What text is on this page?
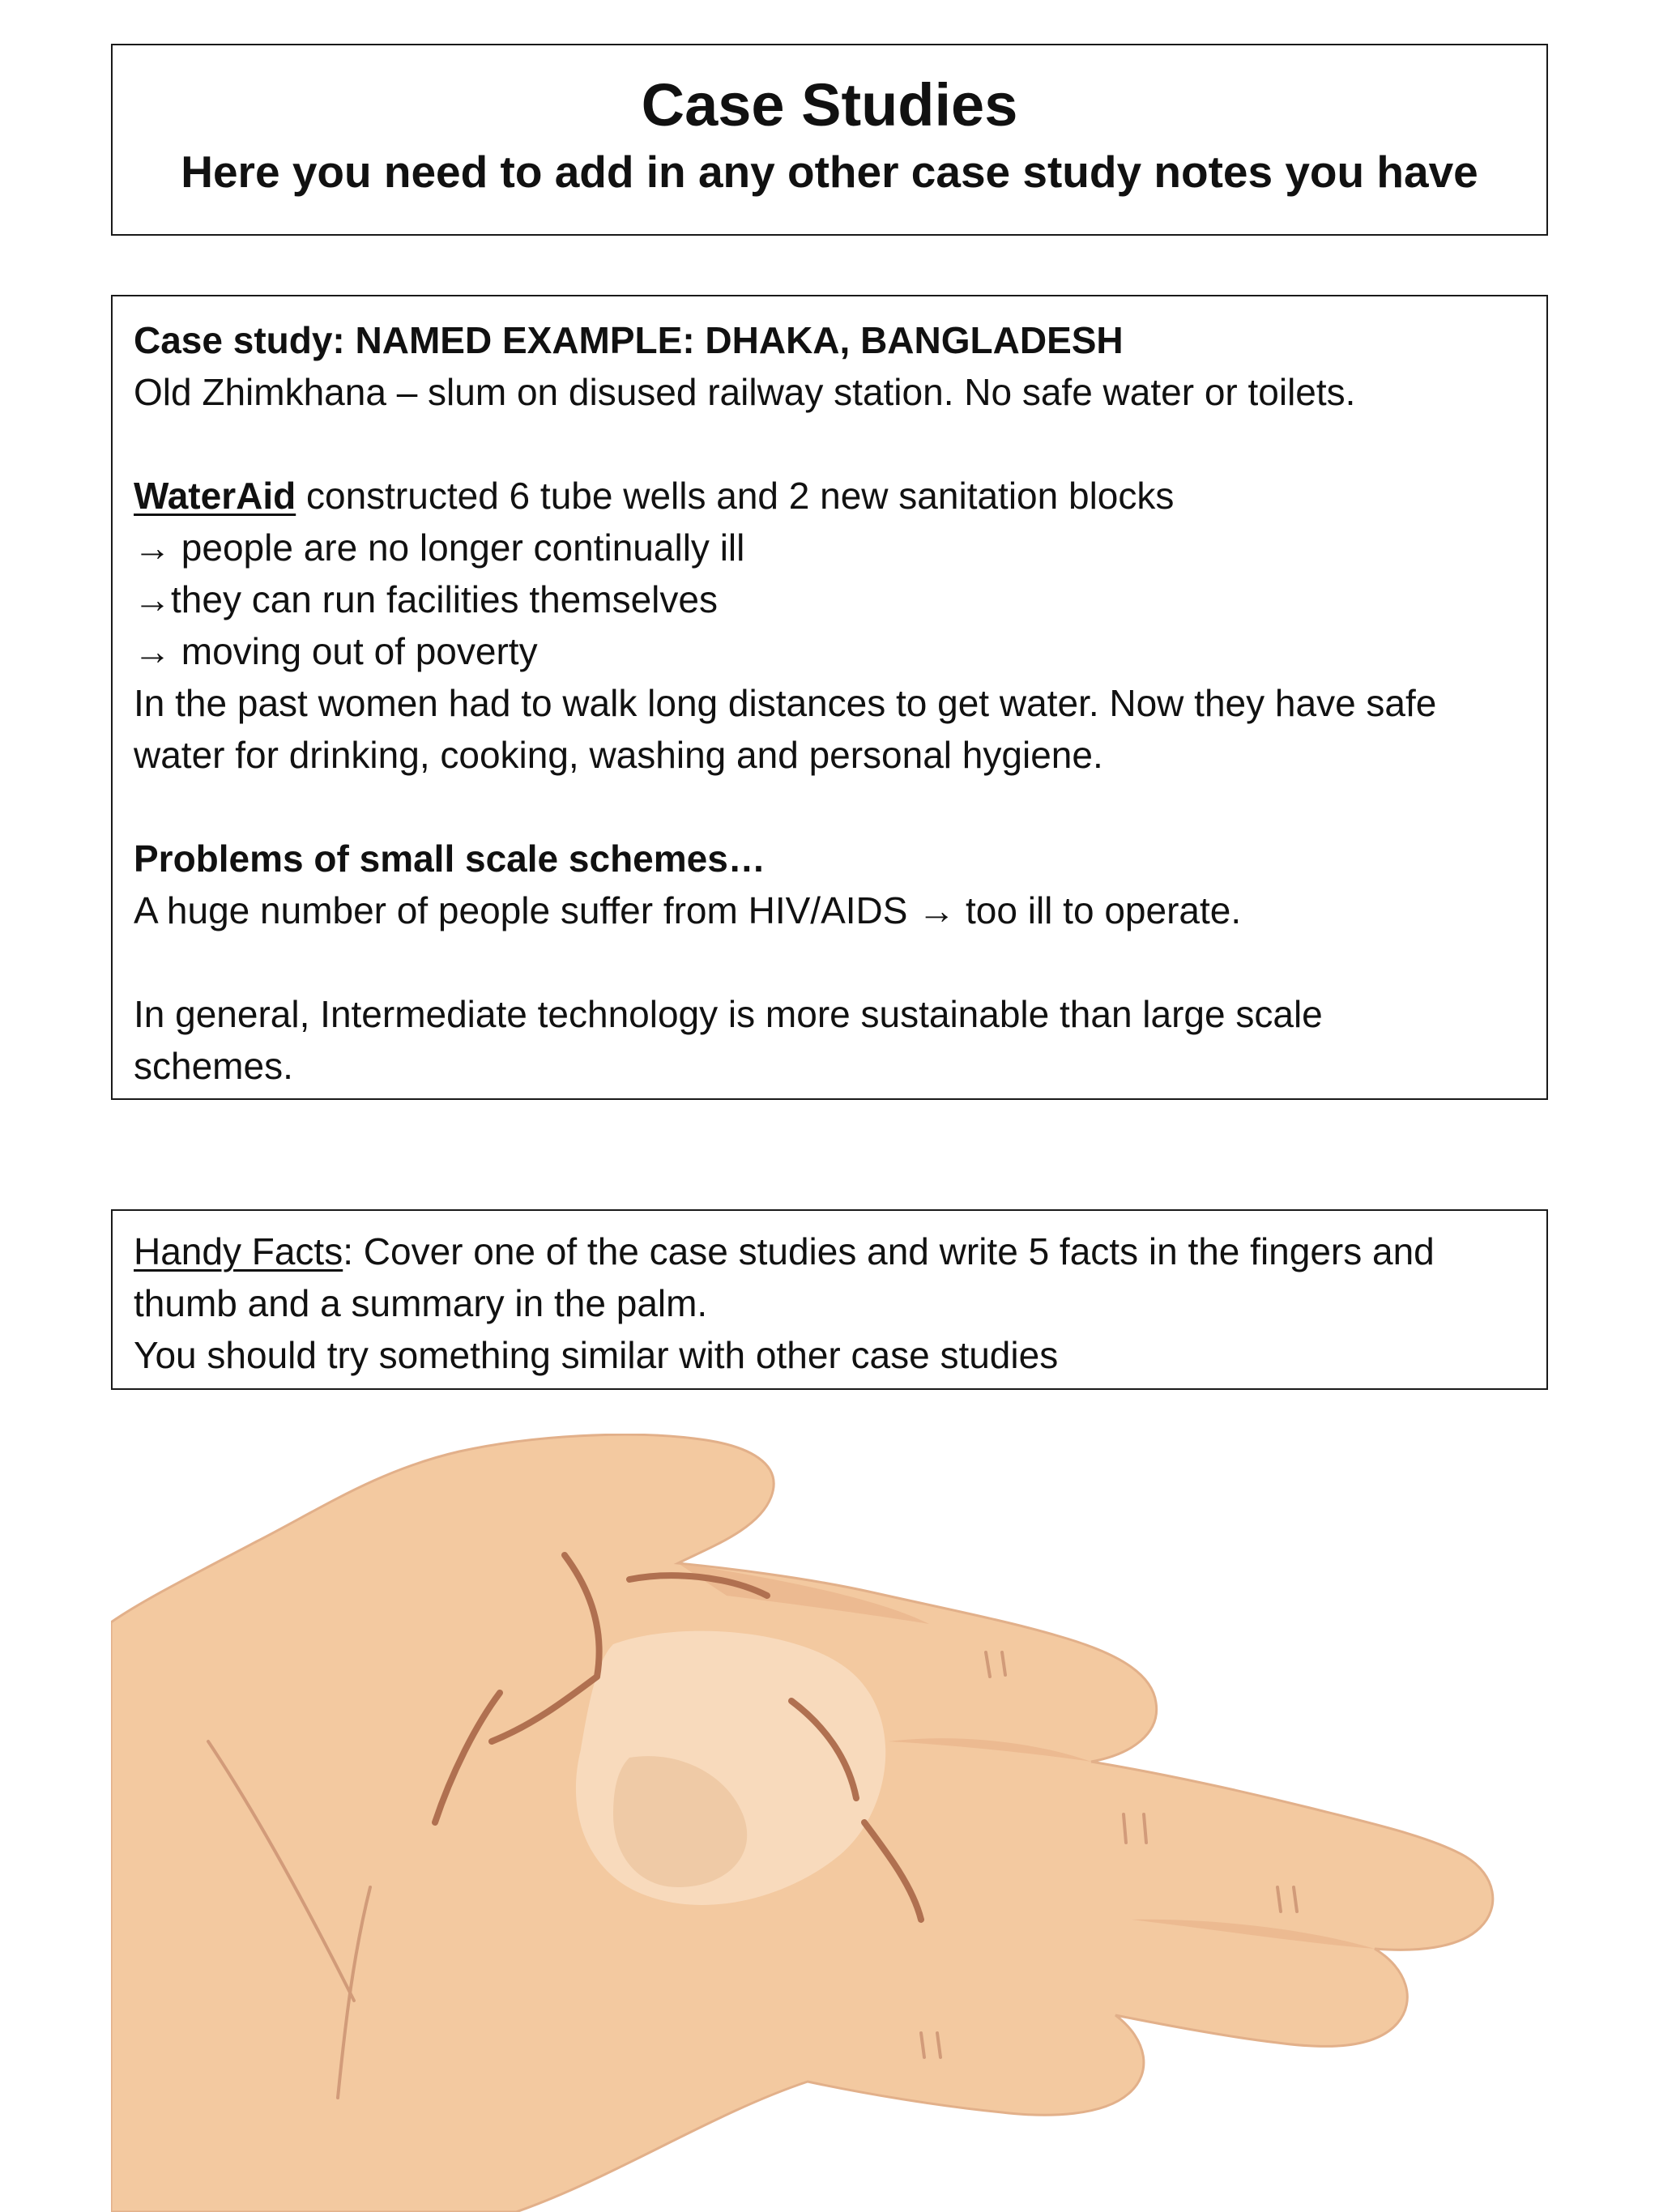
Case Studies
Here you need to add in any other case study notes you have
Case study: NAMED EXAMPLE: DHAKA, BANGLADESH
Old Zhimkhana – slum on disused railway station. No safe water or toilets.
WaterAid constructed 6 tube wells and 2 new sanitation blocks
→ people are no longer continually ill
→they can run facilities themselves
→ moving out of poverty
In the past women had to walk long distances to get water. Now they have safe
water for drinking, cooking, washing and personal hygiene.
Problems of small scale schemes…
A huge number of people suffer from HIV/AIDS → too ill to operate.
In general, Intermediate technology is more sustainable than large scale
schemes.
Handy Facts: Cover one of the case studies and write 5 facts in the fingers and
thumb and a summary in the palm.
You should try something similar with other case studies
